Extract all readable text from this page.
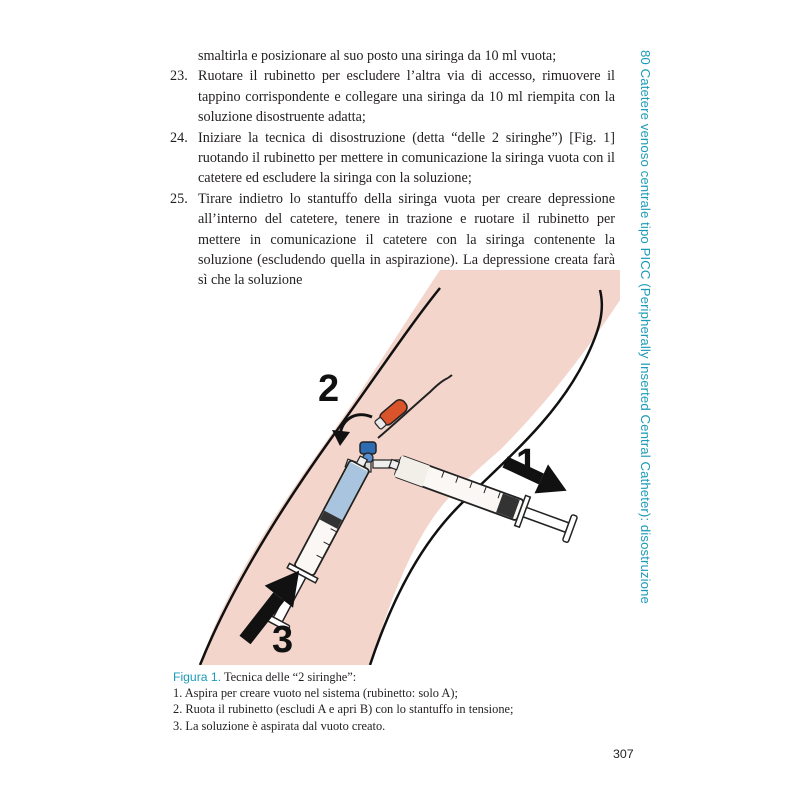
smaltirla e posizionare al suo posto una siringa da 10 ml vuota;

23. Ruotare il rubinetto per escludere l’altra via di accesso, rimuovere il tappino corrispondente e collegare una siringa da 10 ml riempita con la soluzione disostruente adatta;

24. Iniziare la tecnica di disostruzione (detta “delle 2 siringhe”) [Fig. 1] ruotando il rubinetto per mettere in comunicazione la siringa vuota con il catetere ed escludere la siringa con la soluzione;

25. Tirare indietro lo stantuffo della siringa vuota per creare depressione all’interno del catetere, tenere in trazione e ruotare il rubinetto per mettere in comunicazione il catetere con la siringa contenente la soluzione (escludendo quella in aspirazione). La depressione creata farà sì che la soluzione	80 Catetere venoso centrale tipo PICC (Peripherally Inserted Central Catheter): disostruzione
1
2
3
Figura 1. Tecnica delle “2 siringhe”:
1. Aspira per creare vuoto nel sistema (rubinetto: solo A);
2. Ruota il rubinetto (escludi A e apri B) con lo stantuffo in tensione;
3. La soluzione è aspirata dal vuoto creato.
307
